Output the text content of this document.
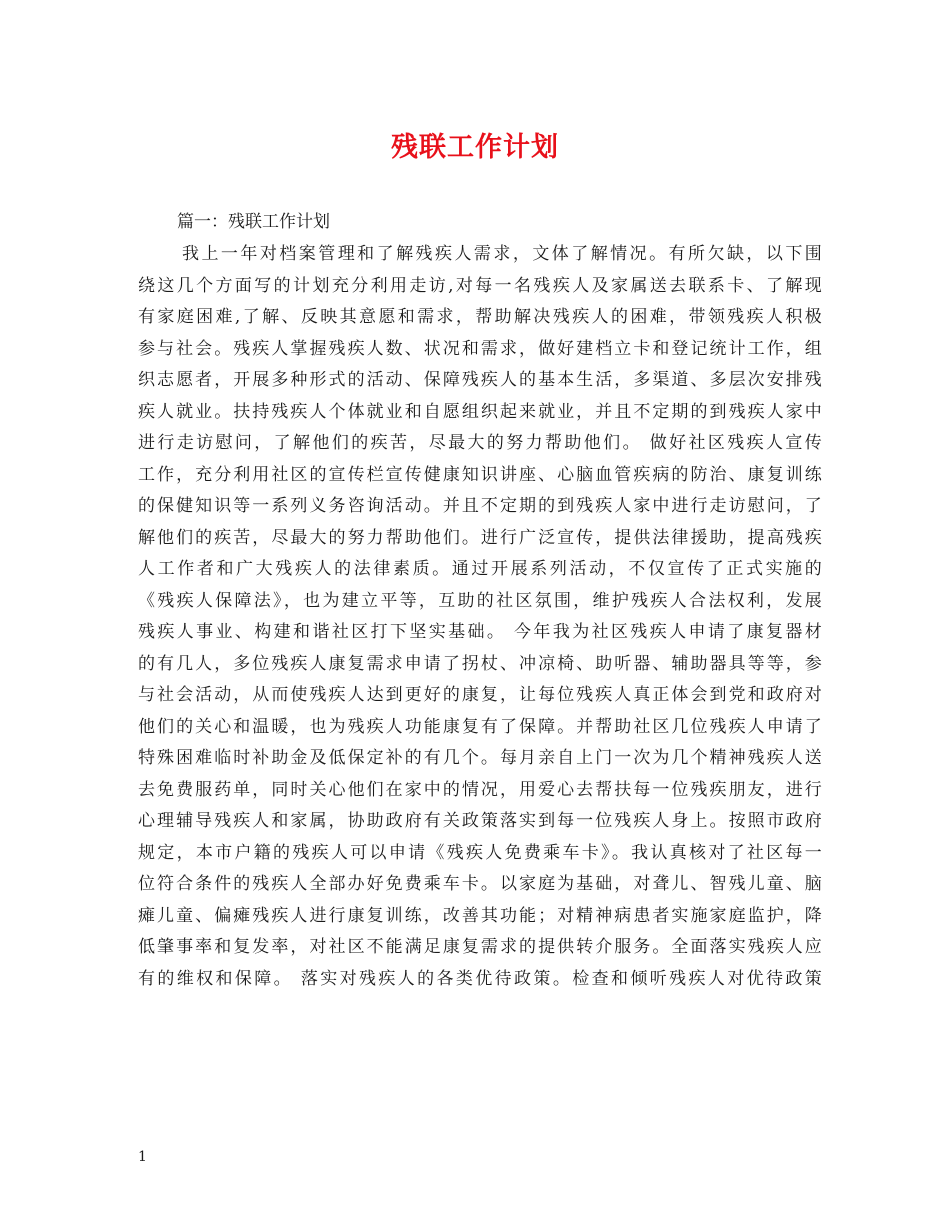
残联工作计划
篇一：残联工作计划
我上一年对档案管理和了解残疾人需求，文体了解情况。有所欠缺，以下围
绕这几个方面写的计划充分利用走访,对每一名残疾人及家属送去联系卡、了解现
有家庭困难,了解、反映其意愿和需求，帮助解决残疾人的困难，带领残疾人积极
参与社会。残疾人掌握残疾人数、状况和需求，做好建档立卡和登记统计工作，组
织志愿者，开展多种形式的活动、保障残疾人的基本生活，多渠道、多层次安排残
疾人就业。扶持残疾人个体就业和自愿组织起来就业，并且不定期的到残疾人家中
进行走访慰问，了解他们的疾苦，尽最大的努力帮助他们。 做好社区残疾人宣传
工作，充分利用社区的宣传栏宣传健康知识讲座、心脑血管疾病的防治、康复训练
的保健知识等一系列义务咨询活动。并且不定期的到残疾人家中进行走访慰问，了
解他们的疾苦，尽最大的努力帮助他们。进行广泛宣传，提供法律援助，提高残疾
人工作者和广大残疾人的法律素质。通过开展系列活动，不仅宣传了正式实施的
《残疾人保障法》，也为建立平等，互助的社区氛围，维护残疾人合法权利，发展
残疾人事业、构建和谐社区打下坚实基础。 今年我为社区残疾人申请了康复器材
的有几人，多位残疾人康复需求申请了拐杖、冲凉椅、助听器、辅助器具等等，参
与社会活动，从而使残疾人达到更好的康复，让每位残疾人真正体会到党和政府对
他们的关心和温暖，也为残疾人功能康复有了保障。并帮助社区几位残疾人申请了
特殊困难临时补助金及低保定补的有几个。每月亲自上门一次为几个精神残疾人送
去免费服药单，同时关心他们在家中的情况，用爱心去帮扶每一位残疾朋友，进行
心理辅导残疾人和家属，协助政府有关政策落实到每一位残疾人身上。按照市政府
规定，本市户籍的残疾人可以申请《残疾人免费乘车卡》。我认真核对了社区每一
位符合条件的残疾人全部办好免费乘车卡。以家庭为基础，对聋儿、智残儿童、脑
瘫儿童、偏瘫残疾人进行康复训练，改善其功能；对精神病患者实施家庭监护，降
低肇事率和复发率，对社区不能满足康复需求的提供转介服务。全面落实残疾人应
有的维权和保障。 落实对残疾人的各类优待政策。检查和倾听残疾人对优待政策
1
